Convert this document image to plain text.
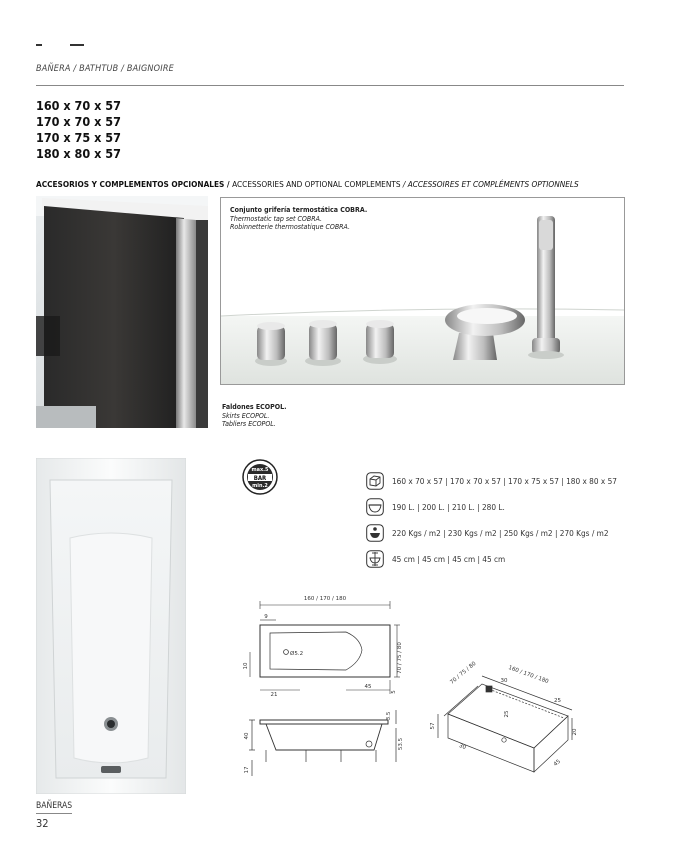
BAÑERA / BATHTUB / BAIGNOIRE
160 x 70 x 57
170 x 70 x 57
170 x 75 x 57
180 x 80 x 57
ACCESORIOS Y COMPLEMENTOS OPCIONALES / ACCESSORIES AND OPTIONAL COMPLEMENTS / ACCESSOIRES ET COMPLÉMENTS OPTIONNELS
Conjunto grifería termostática COBRA.
Thermostatic tap set COBRA.
Robinnetterie thermostatique COBRA.
Faldones ECOPOL.
Skirts ECOPOL.
Tabliers ECOPOL.
max.5
BAR
min.2	160 x 70 x 57 | 170 x 70 x 57 | 170 x 75 x 57 | 180 x 80 x 57
190 L. | 200 L. | 210 L. | 280 L.
220 Kgs / m2 | 230 Kgs / m2 | 250 Kgs / m2 | 270 Kgs / m2
45 cm | 45 cm | 45 cm | 45 cm
160 / 170 / 180
9
Ø5.2	70 / 75 / 80
10
21
45
5
40
17
3.5
53.5
70 / 75 / 80	160 / 170 / 180
30
25
25
57
30
20
45
BAÑERAS
32
